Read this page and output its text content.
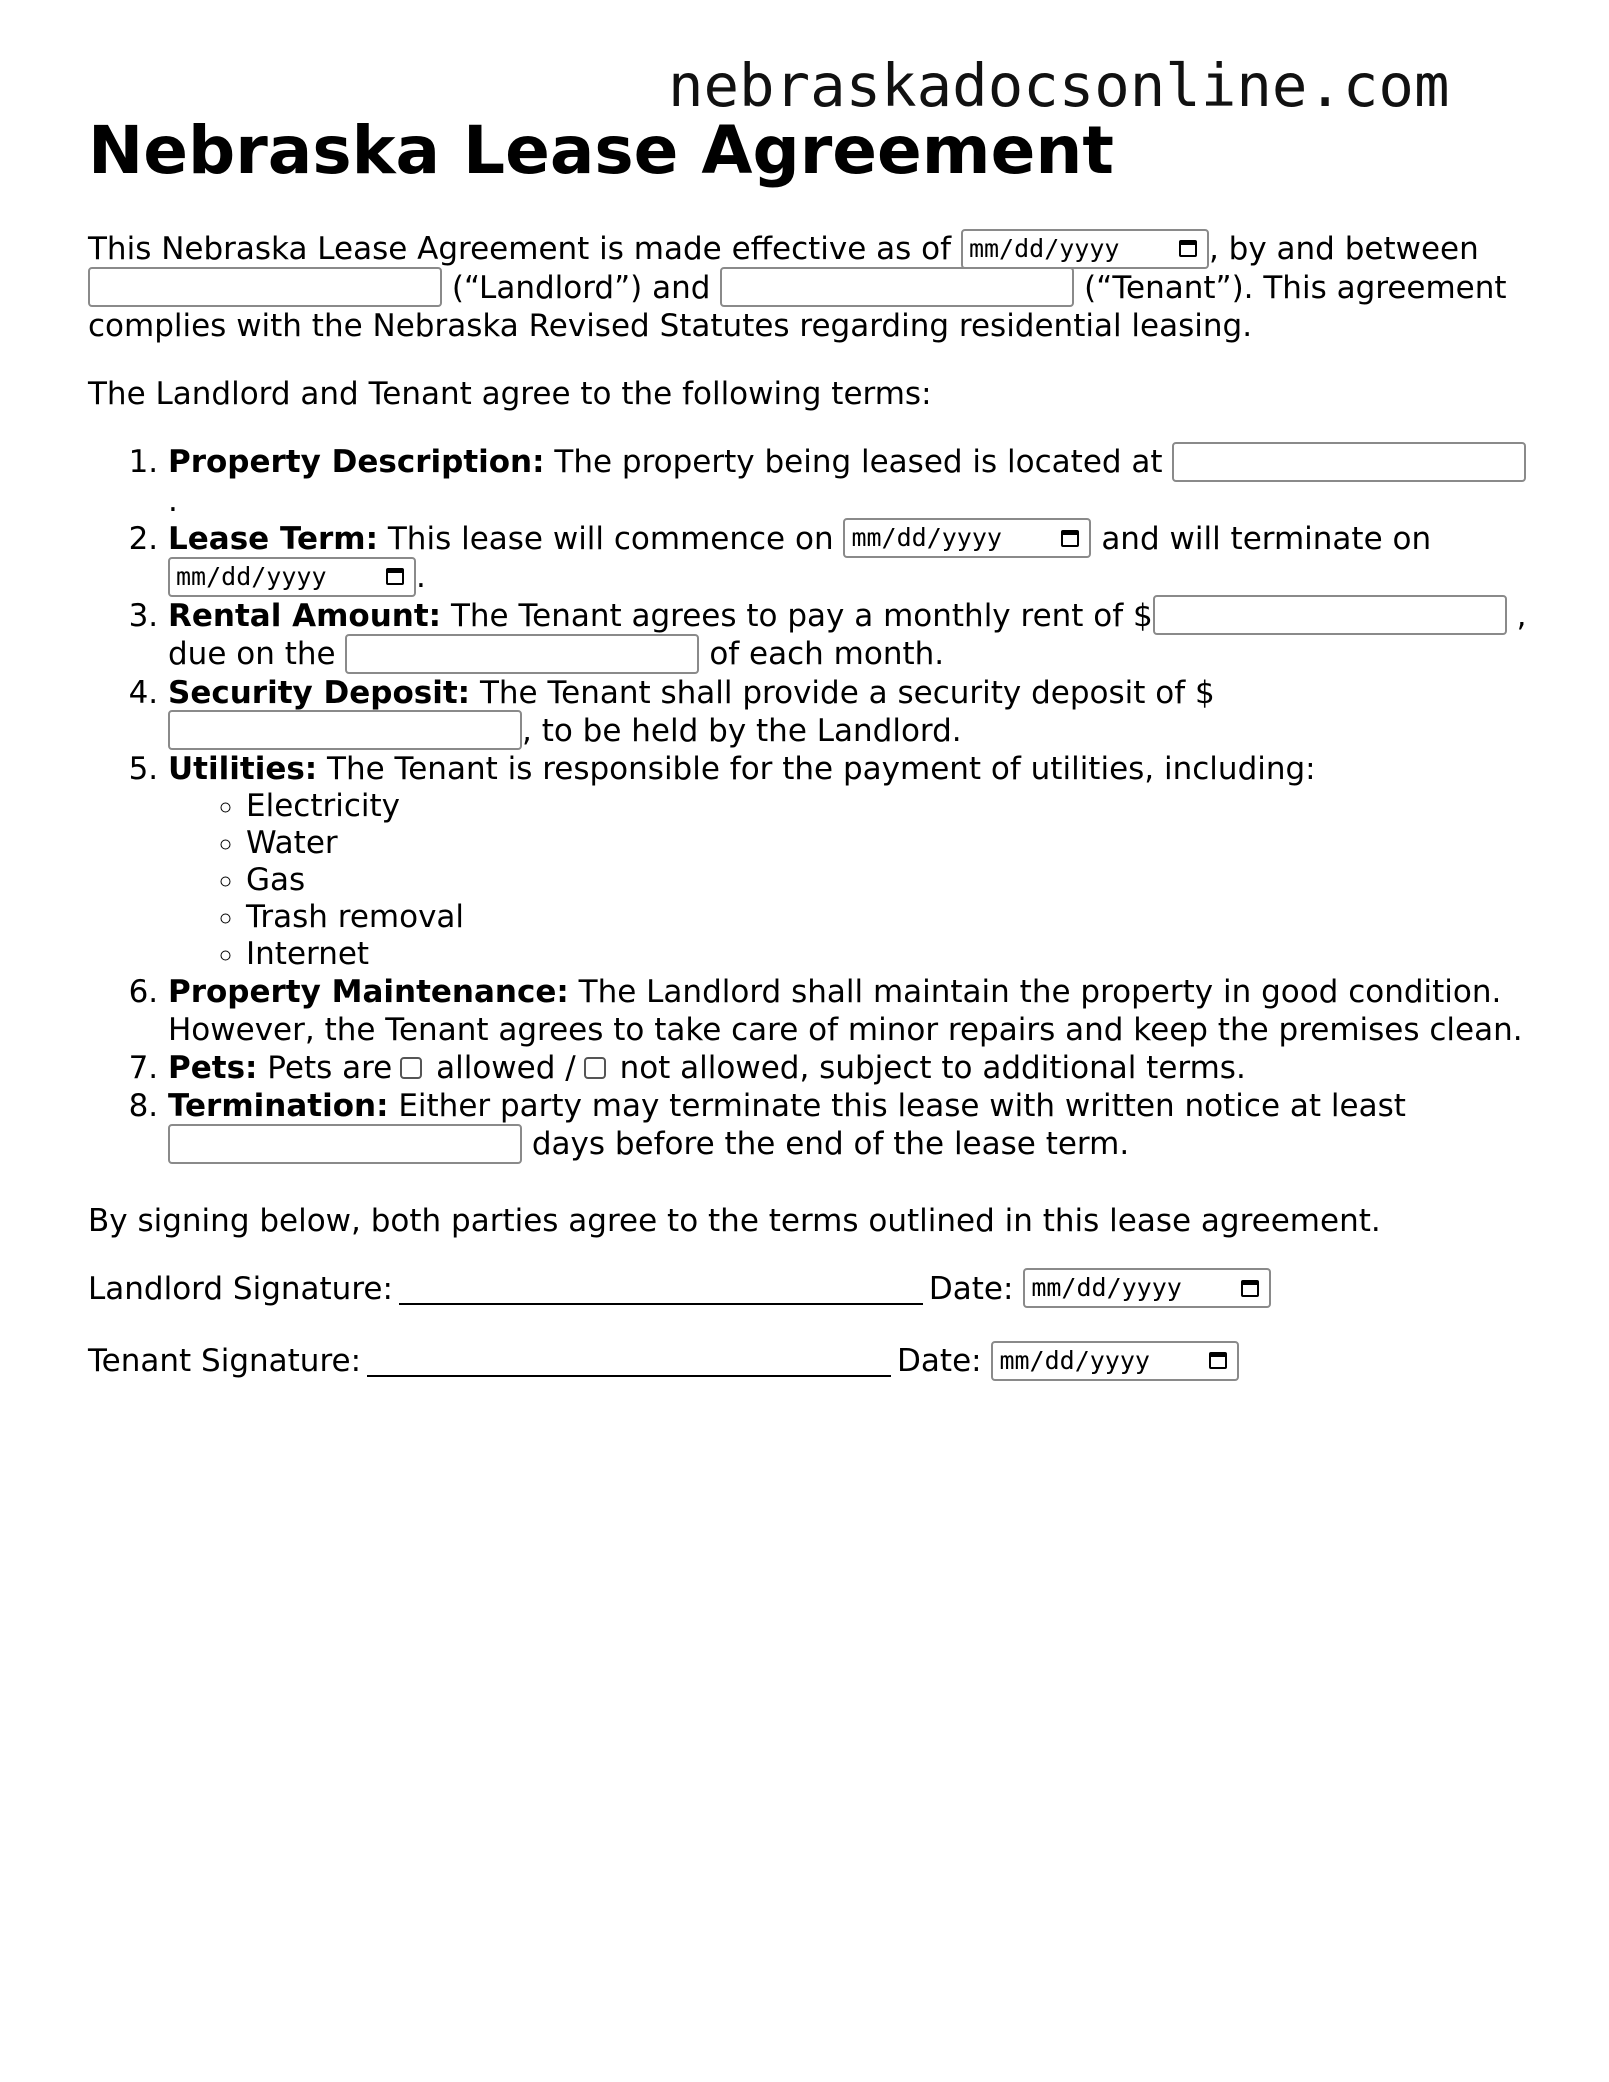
nebraskadocsonline.com
Nebraska Lease Agreement

This Nebraska Lease Agreement is made effective as of mm/dd/yyyy	, by and between  (“Landlord”) and	(“Tenant”). This agreement complies with the Nebraska Revised Statutes regarding residential leasing.

The Landlord and Tenant agree to the following terms:

1. Property Description: The property being leased is located at .
2. Lease Term: This lease will commence on mm/dd/yyyy	and will terminate on
mm/dd/yyyy	.
3. Rental Amount: The Tenant agrees to pay a monthly rent of $	, due on the	of each month.
4. Security Deposit: The Tenant shall provide a security deposit of $ , to be held by the Landlord.
5. Utilities: The Tenant is responsible for the payment of utilities, including:
◦ Electricity
◦ Water
◦ Gas
◦ Trash removal
◦ Internet
6. Property Maintenance: The Landlord shall maintain the property in good condition. However, the Tenant agrees to take care of minor repairs and keep the premises clean.
7. Pets: Pets are allowed / not allowed, subject to additional terms.
8. Termination: Either party may terminate this lease with written notice at least  days before the end of the lease term.

By signing below, both parties agree to the terms outlined in this lease agreement.

Landlord Signature:	Date: mm/dd/yyyy
Tenant Signature:	Date: mm/dd/yyyy
